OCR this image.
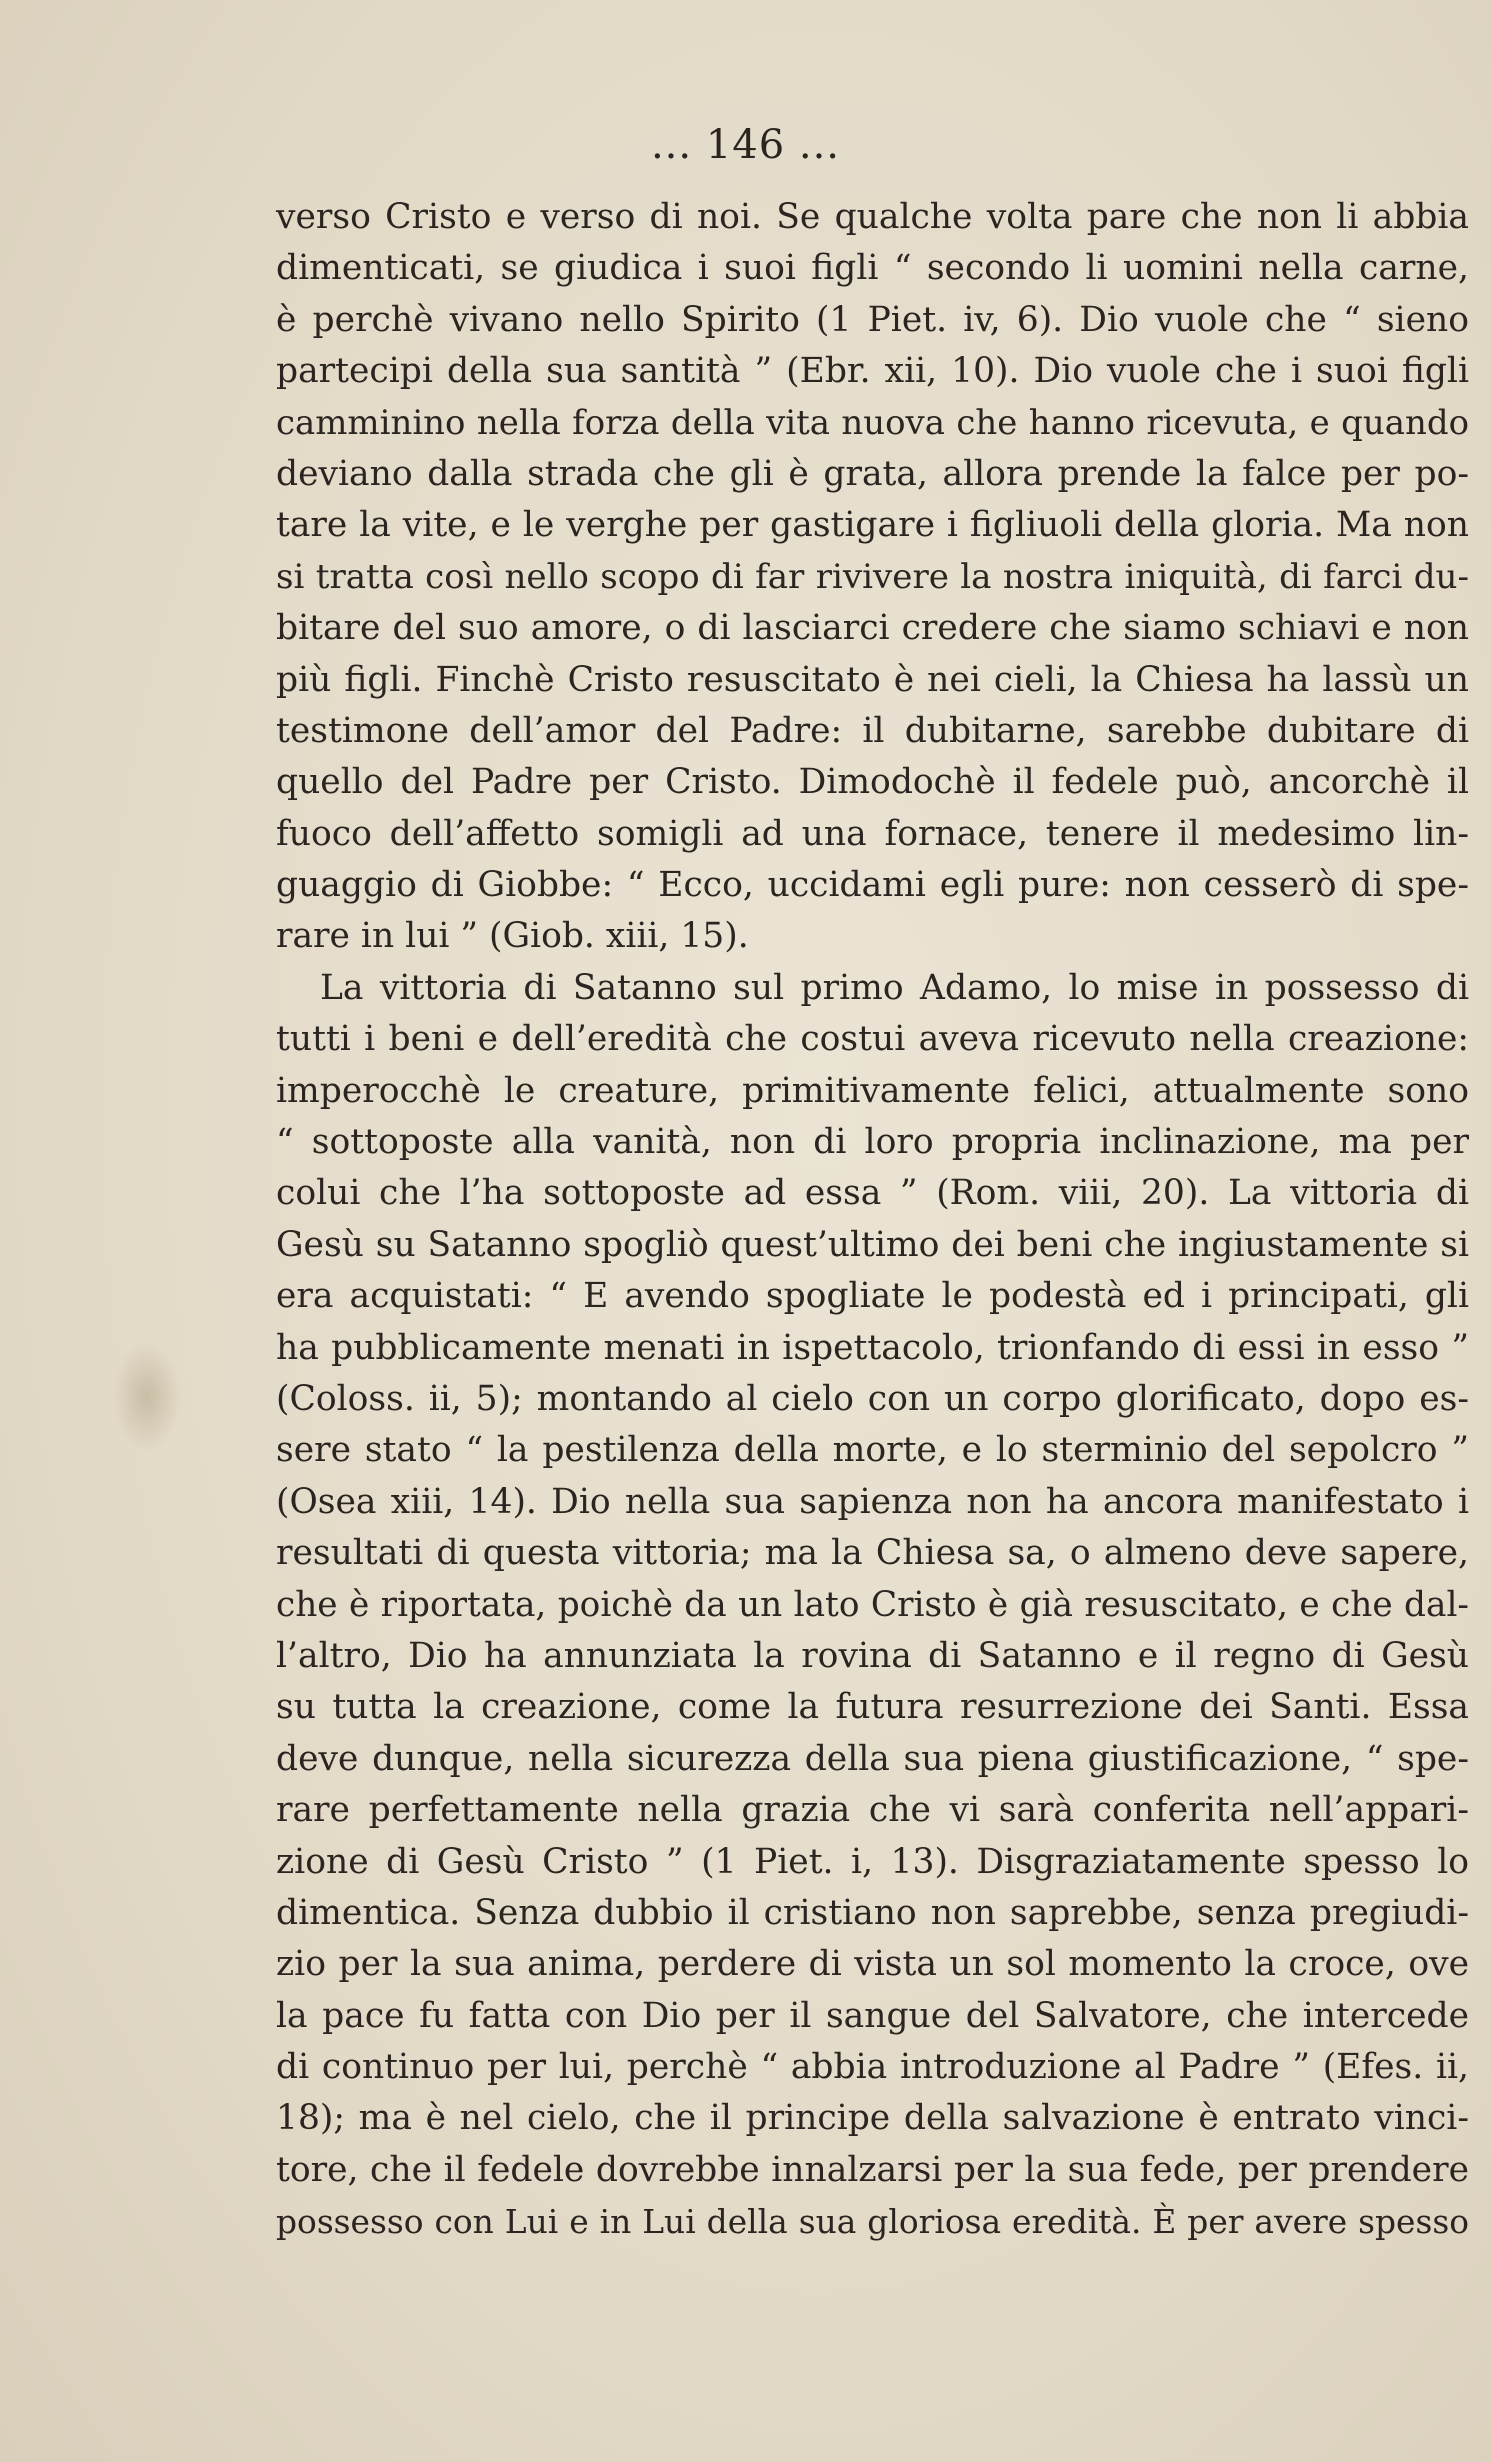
... 146 ...
verso Cristo e verso di noi. Se qualche volta pare che non li abbia
dimenticati, se giudica i suoi figli “ secondo li uomini nella carne,
è perchè vivano nello Spirito (1 Piet. iv, 6). Dio vuole che “ sieno
partecipi della sua santità ” (Ebr. xii, 10). Dio vuole che i suoi figli
camminino nella forza della vita nuova che hanno ricevuta, e quando
deviano dalla strada che gli è grata, allora prende la falce per po-
tare la vite, e le verghe per gastigare i figliuoli della gloria. Ma non
si tratta così nello scopo di far rivivere la nostra iniquità, di farci du-
bitare del suo amore, o di lasciarci credere che siamo schiavi e non
più figli. Finchè Cristo resuscitato è nei cieli, la Chiesa ha lassù un
testimone dell’amor del Padre: il dubitarne, sarebbe dubitare di
quello del Padre per Cristo. Dimodochè il fedele può, ancorchè il
fuoco dell’affetto somigli ad una fornace, tenere il medesimo lin-
guaggio di Giobbe: “ Ecco, uccidami egli pure: non cesserò di spe-
rare in lui ” (Giob. xiii, 15).
La vittoria di Satanno sul primo Adamo, lo mise in possesso di
tutti i beni e dell’eredità che costui aveva ricevuto nella creazione:
imperocchè le creature, primitivamente felici, attualmente sono
“ sottoposte alla vanità, non di loro propria inclinazione, ma per
colui che l’ha sottoposte ad essa ” (Rom. viii, 20). La vittoria di
Gesù su Satanno spogliò quest’ultimo dei beni che ingiustamente si
era acquistati: “ E avendo spogliate le podestà ed i principati, gli
ha pubblicamente menati in ispettacolo, trionfando di essi in esso ”
(Coloss. ii, 5); montando al cielo con un corpo glorificato, dopo es-
sere stato “ la pestilenza della morte, e lo sterminio del sepolcro ”
(Osea xiii, 14). Dio nella sua sapienza non ha ancora manifestato i
resultati di questa vittoria; ma la Chiesa sa, o almeno deve sapere,
che è riportata, poichè da un lato Cristo è già resuscitato, e che dal-
l’altro, Dio ha annunziata la rovina di Satanno e il regno di Gesù
su tutta la creazione, come la futura resurrezione dei Santi. Essa
deve dunque, nella sicurezza della sua piena giustificazione, “ spe-
rare perfettamente nella grazia che vi sarà conferita nell’appari-
zione di Gesù Cristo ” (1 Piet. i, 13). Disgraziatamente spesso lo
dimentica. Senza dubbio il cristiano non saprebbe, senza pregiudi-
zio per la sua anima, perdere di vista un sol momento la croce, ove
la pace fu fatta con Dio per il sangue del Salvatore, che intercede
di continuo per lui, perchè “ abbia introduzione al Padre ” (Efes. ii,
18); ma è nel cielo, che il principe della salvazione è entrato vinci-
tore, che il fedele dovrebbe innalzarsi per la sua fede, per prendere
possesso con Lui e in Lui della sua gloriosa eredità. È per avere spesso
